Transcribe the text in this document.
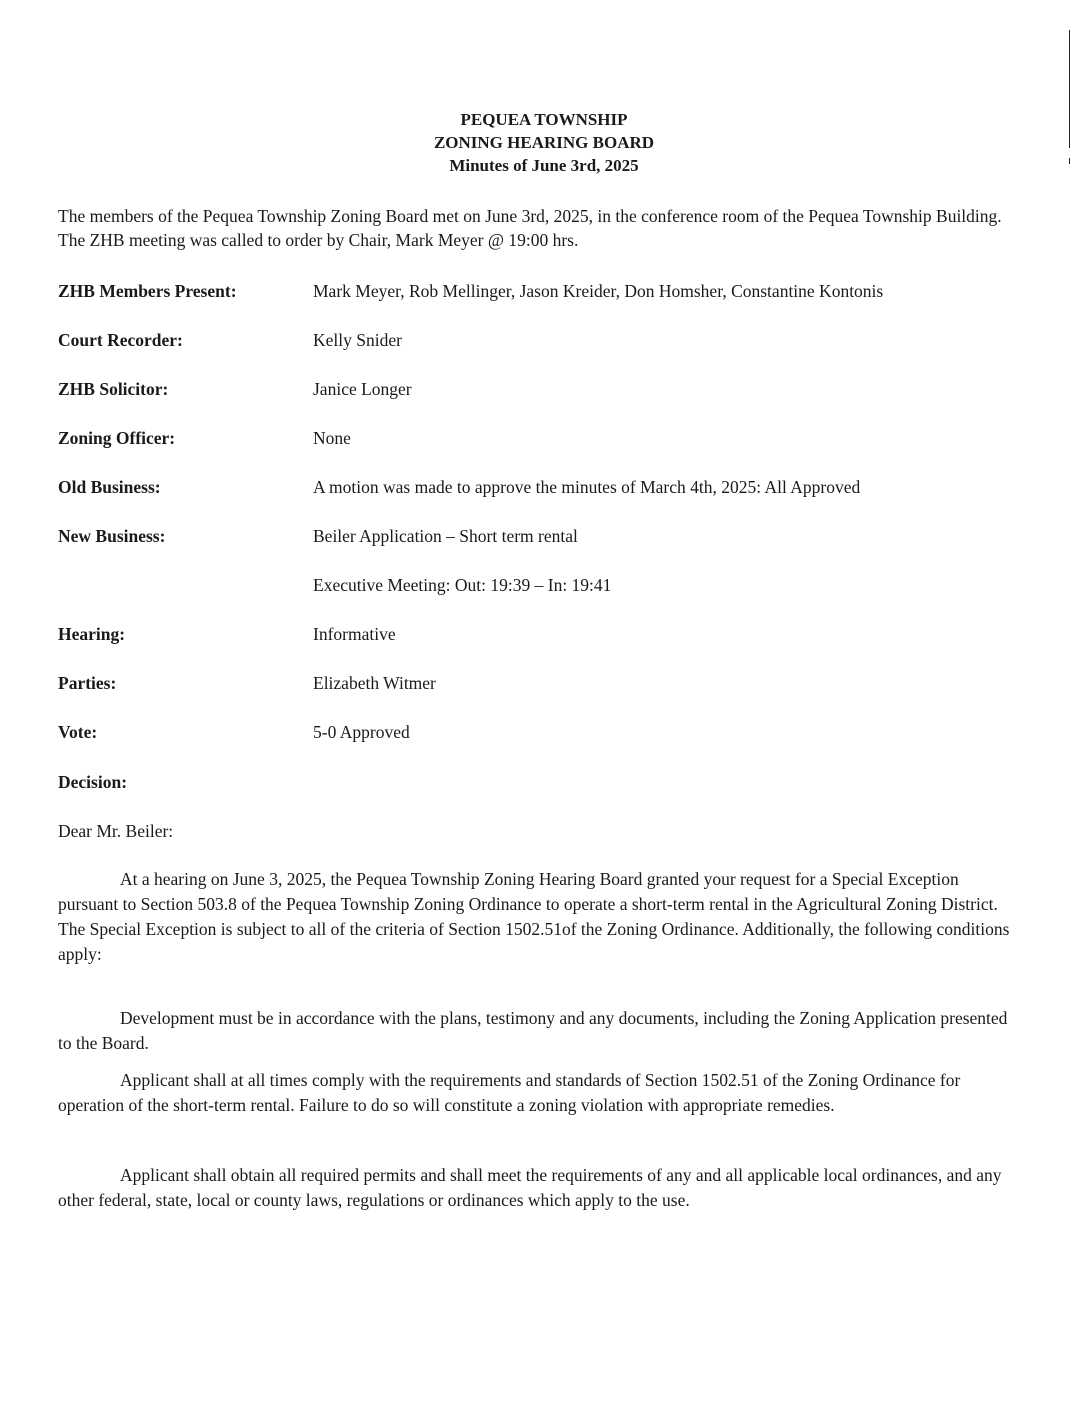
PEQUEA TOWNSHIP
ZONING HEARING BOARD
Minutes of June 3rd, 2025
The members of the Pequea Township Zoning Board met on June 3rd, 2025, in the conference room of the Pequea Township Building. The ZHB meeting was called to order by Chair, Mark Meyer @ 19:00 hrs.
ZHB Members Present:	Mark Meyer, Rob Mellinger, Jason Kreider, Don Homsher, Constantine Kontonis
Court Recorder:	Kelly Snider
ZHB Solicitor:	Janice Longer
Zoning Officer:	None
Old Business:	A motion was made to approve the minutes of March 4th, 2025: All Approved
New Business:	Beiler Application – Short term rental
Executive Meeting: Out: 19:39 – In: 19:41
Hearing:	Informative
Parties:	Elizabeth Witmer
Vote:	5-0 Approved
Decision:
Dear Mr. Beiler:
At a hearing on June 3, 2025, the Pequea Township Zoning Hearing Board granted your request for a Special Exception pursuant to Section 503.8 of the Pequea Township Zoning Ordinance to operate a short-term rental in the Agricultural Zoning District. The Special Exception is subject to all of the criteria of Section 1502.51of the Zoning Ordinance. Additionally, the following conditions apply:
Development must be in accordance with the plans, testimony and any documents, including the Zoning Application presented to the Board.
Applicant shall at all times comply with the requirements and standards of Section 1502.51 of the Zoning Ordinance for operation of the short-term rental. Failure to do so will constitute a zoning violation with appropriate remedies.
Applicant shall obtain all required permits and shall meet the requirements of any and all applicable local ordinances, and any other federal, state, local or county laws, regulations or ordinances which apply to the use.
